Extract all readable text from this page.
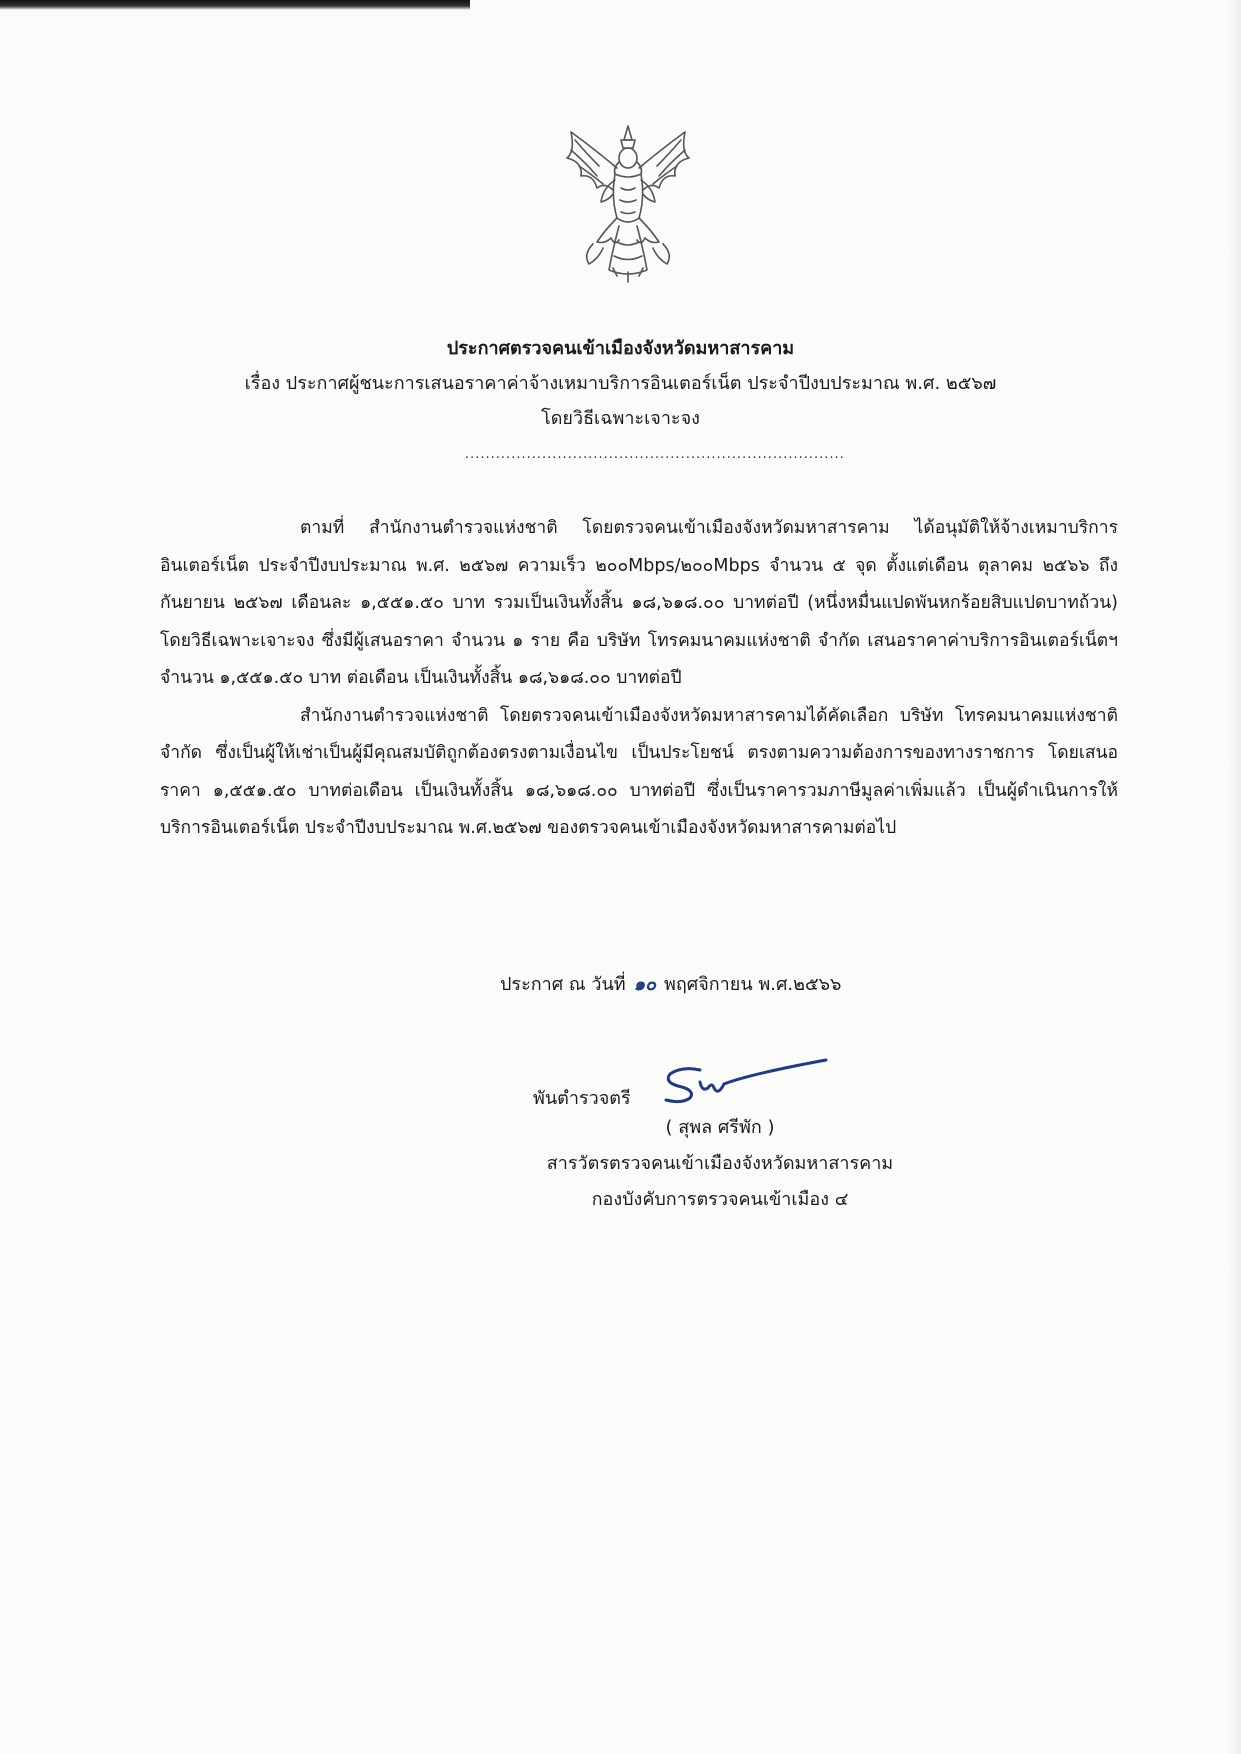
ประกาศตรวจคนเข้าเมืองจังหวัดมหาสารคาม
เรื่อง ประกาศผู้ชนะการเสนอราคาค่าจ้างเหมาบริการอินเตอร์เน็ต ประจำปีงบประมาณ พ.ศ. ๒๕๖๗
โดยวิธีเฉพาะเจาะจง
..........................................................................

ตามที่ สำนักงานตำรวจแห่งชาติ โดยตรวจคนเข้าเมืองจังหวัดมหาสารคาม ได้อนุมัติให้จ้างเหมาบริการอินเตอร์เน็ต ประจำปีงบประมาณ พ.ศ. ๒๕๖๗ ความเร็ว ๒๐๐Mbps/๒๐๐Mbps จำนวน ๕ จุด ตั้งแต่เดือน ตุลาคม ๒๕๖๖ ถึง กันยายน ๒๕๖๗ เดือนละ ๑,๕๕๑.๕๐ บาท รวมเป็นเงินทั้งสิ้น ๑๘,๖๑๘.๐๐ บาทต่อปี (หนึ่งหมื่นแปดพันหกร้อยสิบแปดบาทถ้วน) โดยวิธีเฉพาะเจาะจง ซึ่งมีผู้เสนอราคา จำนวน ๑ ราย คือ บริษัท โทรคมนาคมแห่งชาติ จำกัด เสนอราคาค่าบริการอินเตอร์เน็ตฯ จำนวน ๑,๕๕๑.๕๐ บาท ต่อเดือน เป็นเงินทั้งสิ้น ๑๘,๖๑๘.๐๐ บาทต่อปี

สำนักงานตำรวจแห่งชาติ โดยตรวจคนเข้าเมืองจังหวัดมหาสารคามได้คัดเลือก บริษัท โทรคมนาคมแห่งชาติ จำกัด ซึ่งเป็นผู้ให้เช่าเป็นผู้มีคุณสมบัติถูกต้องตรงตามเงื่อนไข เป็นประโยชน์ ตรงตามความต้องการของทางราชการ โดยเสนอราคา ๑,๕๕๑.๕๐ บาทต่อเดือน เป็นเงินทั้งสิ้น ๑๘,๖๑๘.๐๐ บาทต่อปี ซึ่งเป็นราคารวมภาษีมูลค่าเพิ่มแล้ว เป็นผู้ดำเนินการให้บริการอินเตอร์เน็ต ประจำปีงบประมาณ พ.ศ.๒๕๖๗ ของตรวจคนเข้าเมืองจังหวัดมหาสารคามต่อไป

ประกาศ ณ วันที่ ๑๐ พฤศจิกายน พ.ศ.๒๕๖๖
พันตำรวจตรี
( สุพล ศรีพัก )
สารวัตรตรวจคนเข้าเมืองจังหวัดมหาสารคาม
กองบังคับการตรวจคนเข้าเมือง ๔
